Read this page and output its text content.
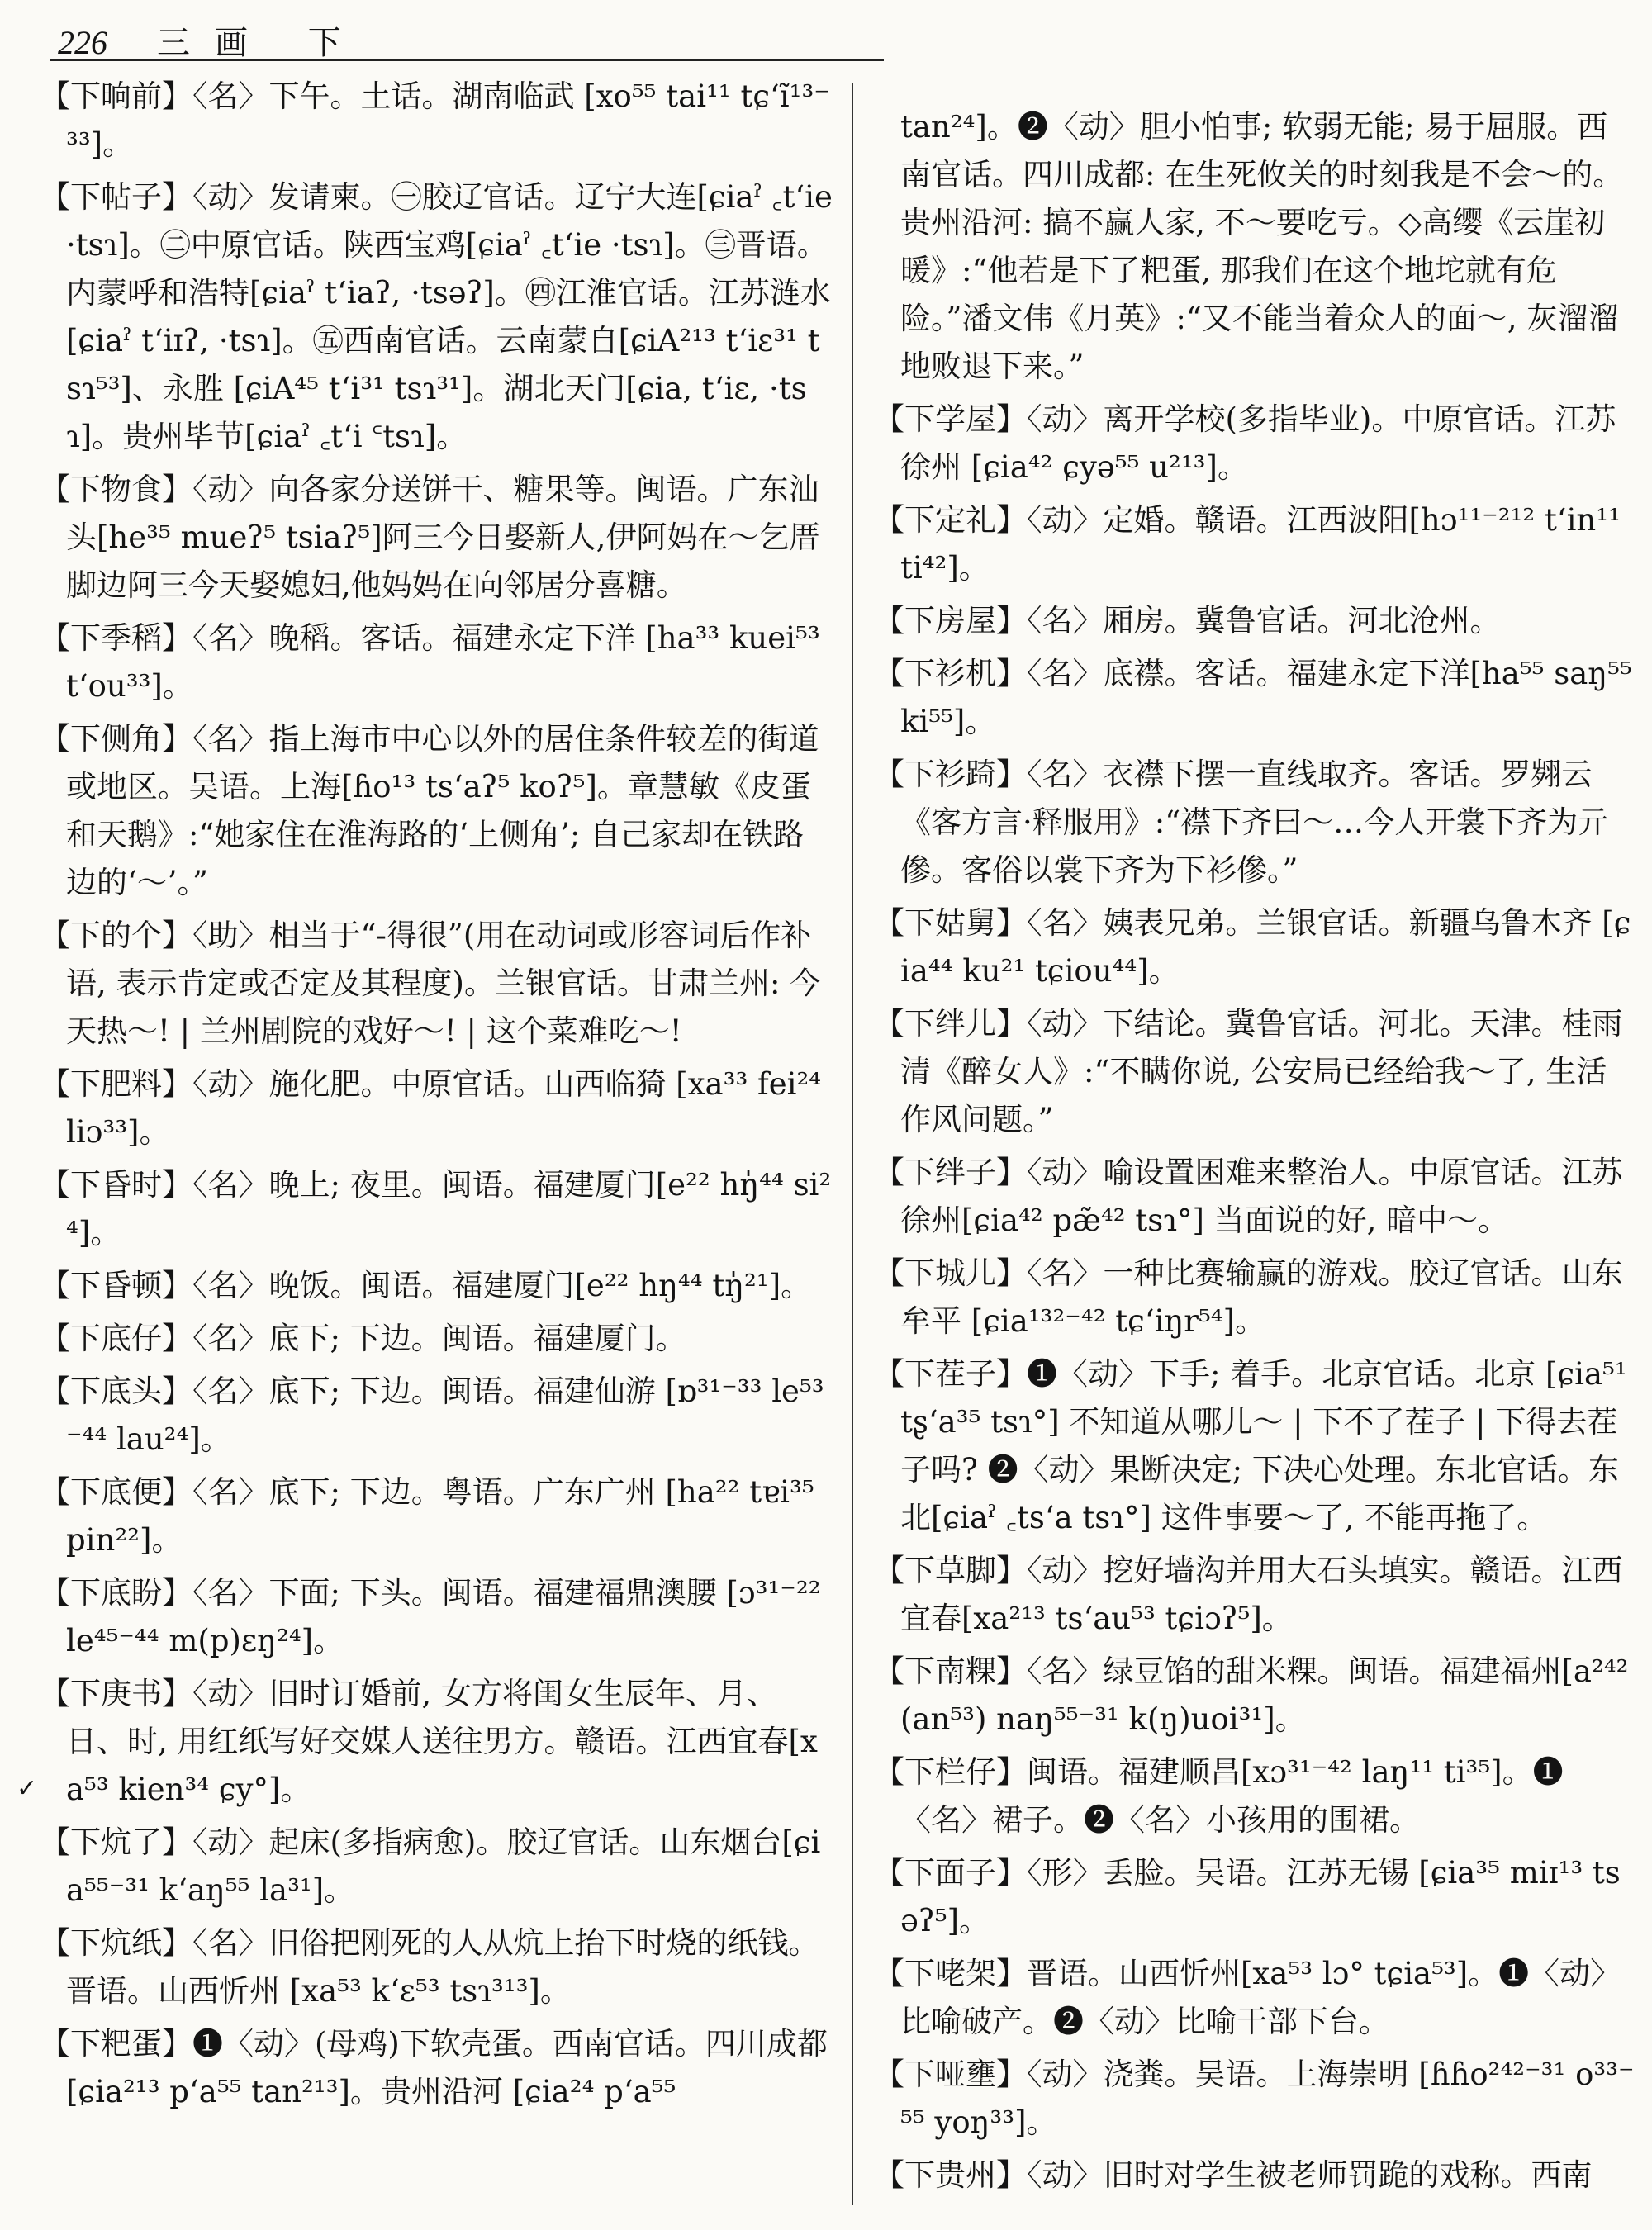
226 三画 下
✓

【下晌前】〈名〉下午。土话。湖南临武 [xo⁵⁵ tai¹¹ tɕʻĩ¹³⁻³³]。

【下帖子】〈动〉发请柬。㊀胶辽官话。辽宁大连[ɕiaˀ ꜀tʻie ·tsɿ]。㊁中原官话。陕西宝鸡[ɕiaˀ ꜀tʻie ·tsɿ]。㊂晋语。内蒙呼和浩特[ɕiaˀ tʻiaʔ, ·tsəʔ]。㊃江淮官话。江苏涟水[ɕiaˀ tʻiɪʔ, ·tsɿ]。㊄西南官话。云南蒙自[ɕiA²¹³ tʻiɛ³¹ tsɿ⁵³]、永胜 [ɕiA⁴⁵ tʻi³¹ tsɿ³¹]。湖北天门[ɕia, tʻiɛ, ·tsɿ]。贵州毕节[ɕiaˀ ꜀tʻi ꜂tsɿ]。

【下物食】〈动〉向各家分送饼干、糖果等。闽语。广东汕头[he³⁵ mueʔ⁵ tsiaʔ⁵]阿三今日娶新人,伊阿妈在～乞厝脚边阿三今天娶媳妇,他妈妈在向邻居分喜糖。

【下季稻】〈名〉晚稻。客话。福建永定下洋 [ha³³ kuei⁵³ tʻou³³]。

【下侧角】〈名〉指上海市中心以外的居住条件较差的街道或地区。吴语。上海[ɦo¹³ tsʻaʔ⁵ koʔ⁵]。章慧敏《皮蛋和天鹅》:“她家住在淮海路的‘上侧角’; 自己家却在铁路边的‘～’。”

【下的个】〈助〉相当于“-得很”(用在动词或形容词后作补语, 表示肯定或否定及其程度)。兰银官话。甘肃兰州: 今天热～! | 兰州剧院的戏好～! | 这个菜难吃～!

【下肥料】〈动〉施化肥。中原官话。山西临猗 [xa³³ fei²⁴ liɔ³³]。

【下昏时】〈名〉晚上; 夜里。闽语。福建厦门[e²² hŋ̍⁴⁴ si²⁴]。

【下昏顿】〈名〉晚饭。闽语。福建厦门[e²² hŋ⁴⁴ tŋ̍²¹]。

【下底仔】〈名〉底下; 下边。闽语。福建厦门。

【下底头】〈名〉底下; 下边。闽语。福建仙游 [ɒ³¹⁻³³ le⁵³⁻⁴⁴ lau²⁴]。

【下底便】〈名〉底下; 下边。粤语。广东广州 [ha²² tɐi³⁵ pin²²]。

【下底盼】〈名〉下面; 下头。闽语。福建福鼎澳腰 [ɔ³¹⁻²² le⁴⁵⁻⁴⁴ m(p)ɛŋ²⁴]。

【下庚书】〈动〉旧时订婚前, 女方将闺女生辰年、月、日、时, 用红纸写好交媒人送往男方。赣语。江西宜春[xa⁵³ kien³⁴ ɕy°]。

【下炕了】〈动〉起床(多指病愈)。胶辽官话。山东烟台[ɕia⁵⁵⁻³¹ kʻaŋ⁵⁵ la³¹]。

【下炕纸】〈名〉旧俗把刚死的人从炕上抬下时烧的纸钱。晋语。山西忻州 [xa⁵³ kʻɛ⁵³ tsɿ³¹³]。

【下粑蛋】❶〈动〉(母鸡)下软壳蛋。西南官话。四川成都 [ɕia²¹³ pʻa⁵⁵ tan²¹³]。贵州沿河 [ɕia²⁴ pʻa⁵⁵

tan²⁴]。❷〈动〉胆小怕事; 软弱无能; 易于屈服。西南官话。四川成都: 在生死攸关的时刻我是不会～的。贵州沿河: 搞不赢人家, 不～要吃亏。◇高缨《云崖初暖》:“他若是下了粑蛋, 那我们在这个地坨就有危险。”潘文伟《月英》:“又不能当着众人的面～, 灰溜溜地败退下来。”

【下学屋】〈动〉离开学校(多指毕业)。中原官话。江苏徐州 [ɕia⁴² ɕyə⁵⁵ u²¹³]。

【下定礼】〈动〉定婚。赣语。江西波阳[hɔ¹¹⁻²¹² tʻin¹¹ ti⁴²]。

【下房屋】〈名〉厢房。冀鲁官话。河北沧州。

【下衫机】〈名〉底襟。客话。福建永定下洋[ha⁵⁵ saŋ⁵⁵ ki⁵⁵]。

【下衫踦】〈名〉衣襟下摆一直线取齐。客话。罗翙云《客方言·释服用》:“襟下齐曰～…今人开裳下齐为亓傪。客俗以裳下齐为下衫傪。”

【下姑舅】〈名〉姨表兄弟。兰银官话。新疆乌鲁木齐 [ɕia⁴⁴ ku²¹ tɕiou⁴⁴]。

【下绊儿】〈动〉下结论。冀鲁官话。河北。天津。桂雨清《醉女人》:“不瞒你说, 公安局已经给我～了, 生活作风问题。”

【下绊子】〈动〉喻设置困难来整治人。中原官话。江苏徐州[ɕia⁴² pæ̃⁴² tsɿ°] 当面说的好, 暗中～。

【下城儿】〈名〉一种比赛输赢的游戏。胶辽官话。山东牟平 [ɕia¹³²⁻⁴² tɕʻiŋr⁵⁴]。

【下茬子】❶〈动〉下手; 着手。北京官话。北京 [ɕia⁵¹ tʂʻa³⁵ tsɿ°] 不知道从哪儿～ | 下不了茬子 | 下得去茬子吗? ❷〈动〉果断决定; 下决心处理。东北官话。东北[ɕiaˀ ꜀tsʻa tsɿ°] 这件事要～了, 不能再拖了。

【下草脚】〈动〉挖好墙沟并用大石头填实。赣语。江西宜春[xa²¹³ tsʻau⁵³ tɕiɔʔ⁵]。

【下南粿】〈名〉绿豆馅的甜米粿。闽语。福建福州[a²⁴² (an⁵³) naŋ⁵⁵⁻³¹ k(ŋ)uoi³¹]。

【下栏仔】闽语。福建顺昌[xɔ³¹⁻⁴² laŋ¹¹ ti³⁵]。❶〈名〉裙子。❷〈名〉小孩用的围裙。

【下面子】〈形〉丢脸。吴语。江苏无锡 [ɕia³⁵ miɪ¹³ tsəʔ⁵]。

【下咾架】晋语。山西忻州[xa⁵³ lɔ° tɕia⁵³]。❶〈动〉比喻破产。❷〈动〉比喻干部下台。

【下哑壅】〈动〉浇粪。吴语。上海崇明 [ɦɦo²⁴²⁻³¹ o³³⁻⁵⁵ yoŋ³³]。

【下贵州】〈动〉旧时对学生被老师罚跪的戏称。西南
